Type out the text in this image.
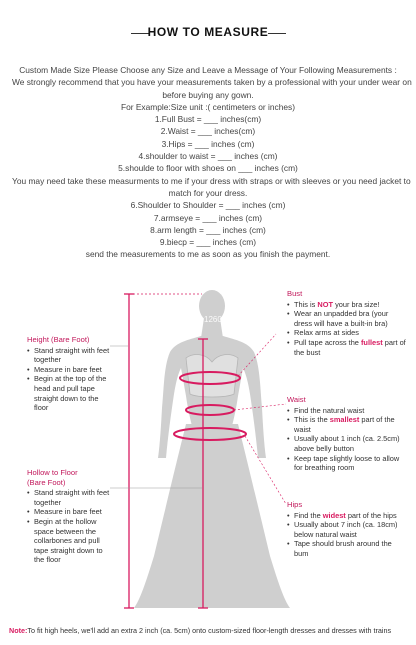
HOW TO MEASURE

Custom Made Size Please Choose any Size and Leave a Message of Your Following Measurements :

We strongly recommend that you have your measurements taken by a professional with your under wear on

before buying any gown.

For Example:Size unit :( centimeters or inches)

1.Full Bust = ___ inches(cm)

2.Waist = ___ inches(cm)

3.Hips = ___ inches (cm)

4.shoulder to waist = ___ inches (cm)

5.shoulde to floor with shoes on ___ inches (cm)

You may need take these measurments to me if your dress with straps or with sleeves or you need jacket to

match for your dress.

6.Shoulder to Shoulder = ___ inches (cm)

7.armseye = ___ inches (cm)

8.arm length = ___ inches (cm)

9.biecp = ___ inches (cm)

send the measurements to me as soon as you finish the payment.

Store No. 126032
Height (Bare Foot)
• Stand straight with feet together
• Measure in bare feet
• Begin at the top of the head and pull tape straight down to the floor
Hollow to Floor
(Bare Foot)
• Stand straight with feet together
• Measure in bare feet
• Begin at the hollow space between the collarbones and pull tape straight down to the floor
Bust
• This is NOT your bra size!
• Wear an unpadded bra (your dress will have a built-in bra)
• Relax arms at sides
• Pull tape across the fullest part of the bust
Waist
• Find the natural waist
• This is the smallest part of the waist
• Usually about 1 inch (ca. 2.5cm) above belly button
• Keep tape slightly loose to allow for breathing room
Hips
• Find the widest part of the hips
• Usually about 7 inch (ca. 18cm) below natural waist
• Tape should brush around the bum
Note:To fit high heels, we'll add an extra 2 inch (ca. 5cm) onto custom-sized floor-length dresses and dresses with trains
